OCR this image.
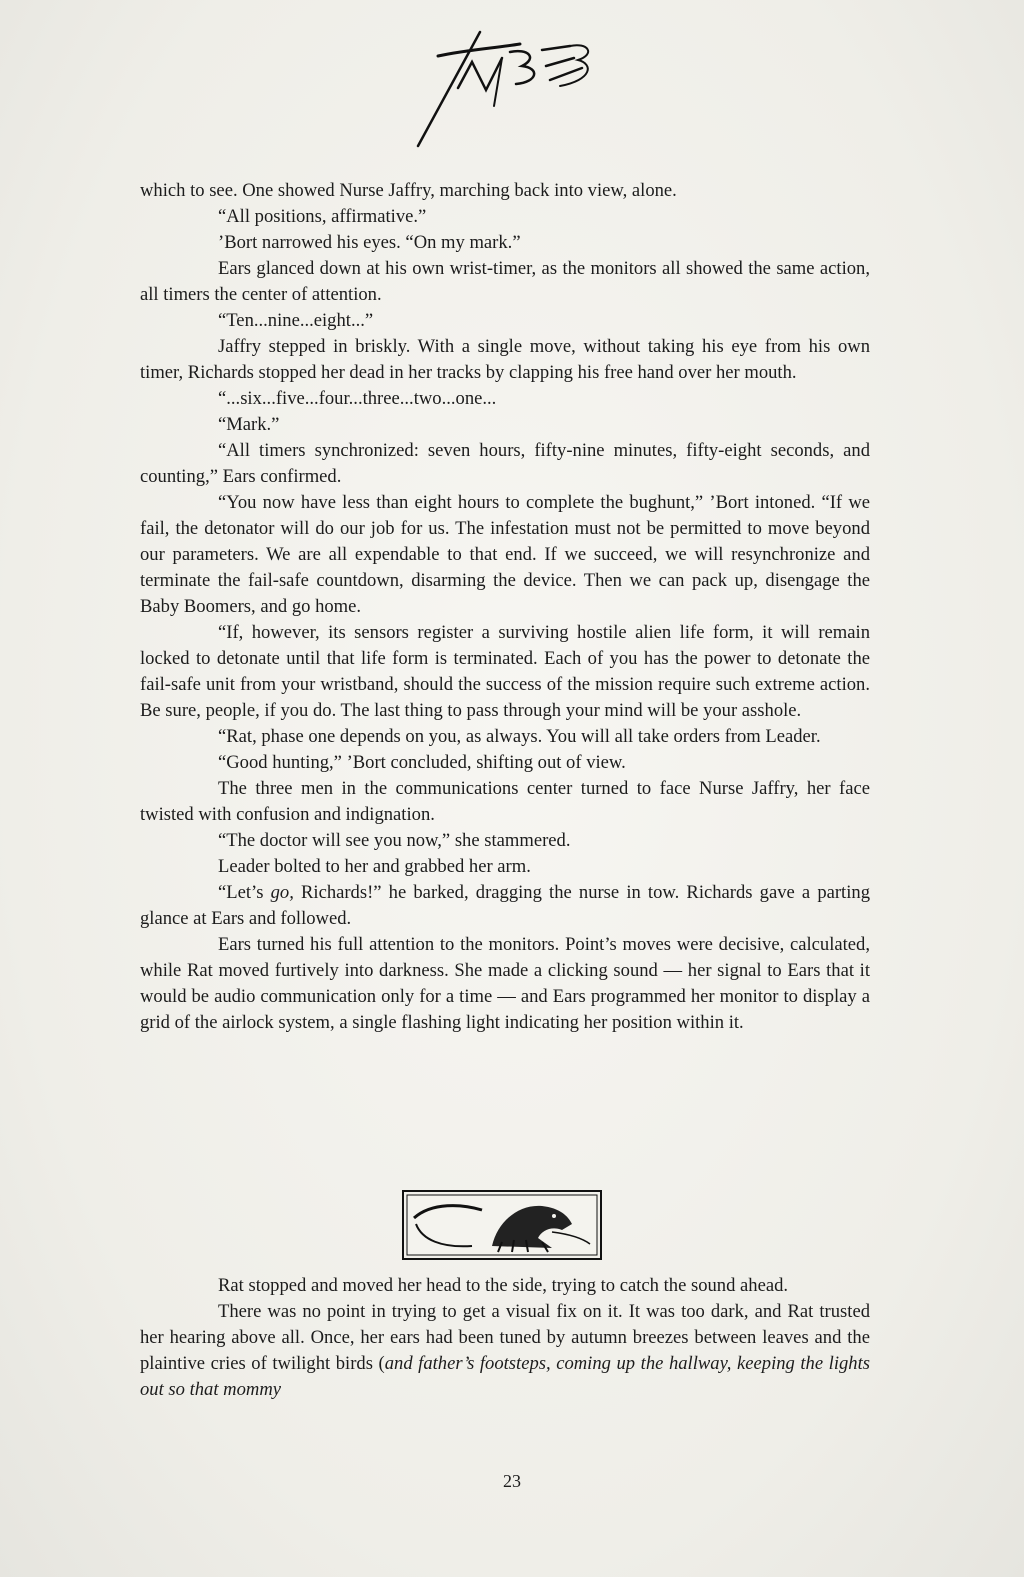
which to see. One showed Nurse Jaffry, marching back into view, alone.

“All positions, affirmative.”

’Bort narrowed his eyes. “On my mark.”

Ears glanced down at his own wrist-timer, as the monitors all showed the same action, all timers the center of attention.

“Ten...nine...eight...”

Jaffry stepped in briskly. With a single move, without taking his eye from his own timer, Richards stopped her dead in her tracks by clapping his free hand over her mouth.

“...six...five...four...three...two...one...

“Mark.”

“All timers synchronized: seven hours, fifty-nine minutes, fifty-eight seconds, and counting,” Ears confirmed.

“You now have less than eight hours to complete the bughunt,” ’Bort intoned. “If we fail, the detonator will do our job for us. The infestation must not be permitted to move beyond our parameters. We are all expendable to that end. If we succeed, we will resynchronize and terminate the fail-safe countdown, disarming the device. Then we can pack up, disengage the Baby Boomers, and go home.

“If, however, its sensors register a surviving hostile alien life form, it will remain locked to detonate until that life form is terminated. Each of you has the power to detonate the fail-safe unit from your wristband, should the success of the mission require such extreme action. Be sure, people, if you do. The last thing to pass through your mind will be your asshole.

“Rat, phase one depends on you, as always. You will all take orders from Leader.

“Good hunting,” ’Bort concluded, shifting out of view.

The three men in the communications center turned to face Nurse Jaffry, her face twisted with confusion and indignation.

“The doctor will see you now,” she stammered.

Leader bolted to her and grabbed her arm.

“Let’s go, Richards!” he barked, dragging the nurse in tow. Richards gave a parting glance at Ears and followed.

Ears turned his full attention to the monitors. Point’s moves were decisive, calculated, while Rat moved furtively into darkness. She made a clicking sound — her signal to Ears that it would be audio communication only for a time — and Ears programmed her monitor to display a grid of the airlock system, a single flashing light indicating her position within it.

Rat stopped and moved her head to the side, trying to catch the sound ahead.

There was no point in trying to get a visual fix on it. It was too dark, and Rat trusted her hearing above all. Once, her ears had been tuned by autumn breezes between leaves and the plaintive cries of twilight birds (and father’s footsteps, coming up the hallway, keeping the lights out so that mommy

23
